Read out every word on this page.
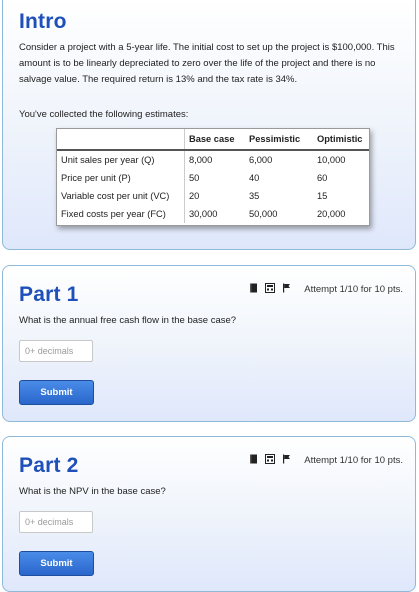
Intro

Consider a project with a 5-year life. The initial cost to set up the project is $100,000. This amount is to be linearly depreciated to zero over the life of the project and there is no salvage value. The required return is 13% and the tax rate is 34%.

You've collected the following estimates:

	Base case	Pessimistic	Optimistic
Unit sales per year (Q)	8,000	6,000	10,000
Price per unit (P)	50	40	60
Variable cost per unit (VC)	20	35	15
Fixed costs per year (FC)	30,000	50,000	20,000
Part 1	Attempt 1/10 for 10 pts.

What is the annual free cash flow in the base case?

0+ decimals
Submit
Part 2	Attempt 1/10 for 10 pts.

What is the NPV in the base case?

0+ decimals
Submit
